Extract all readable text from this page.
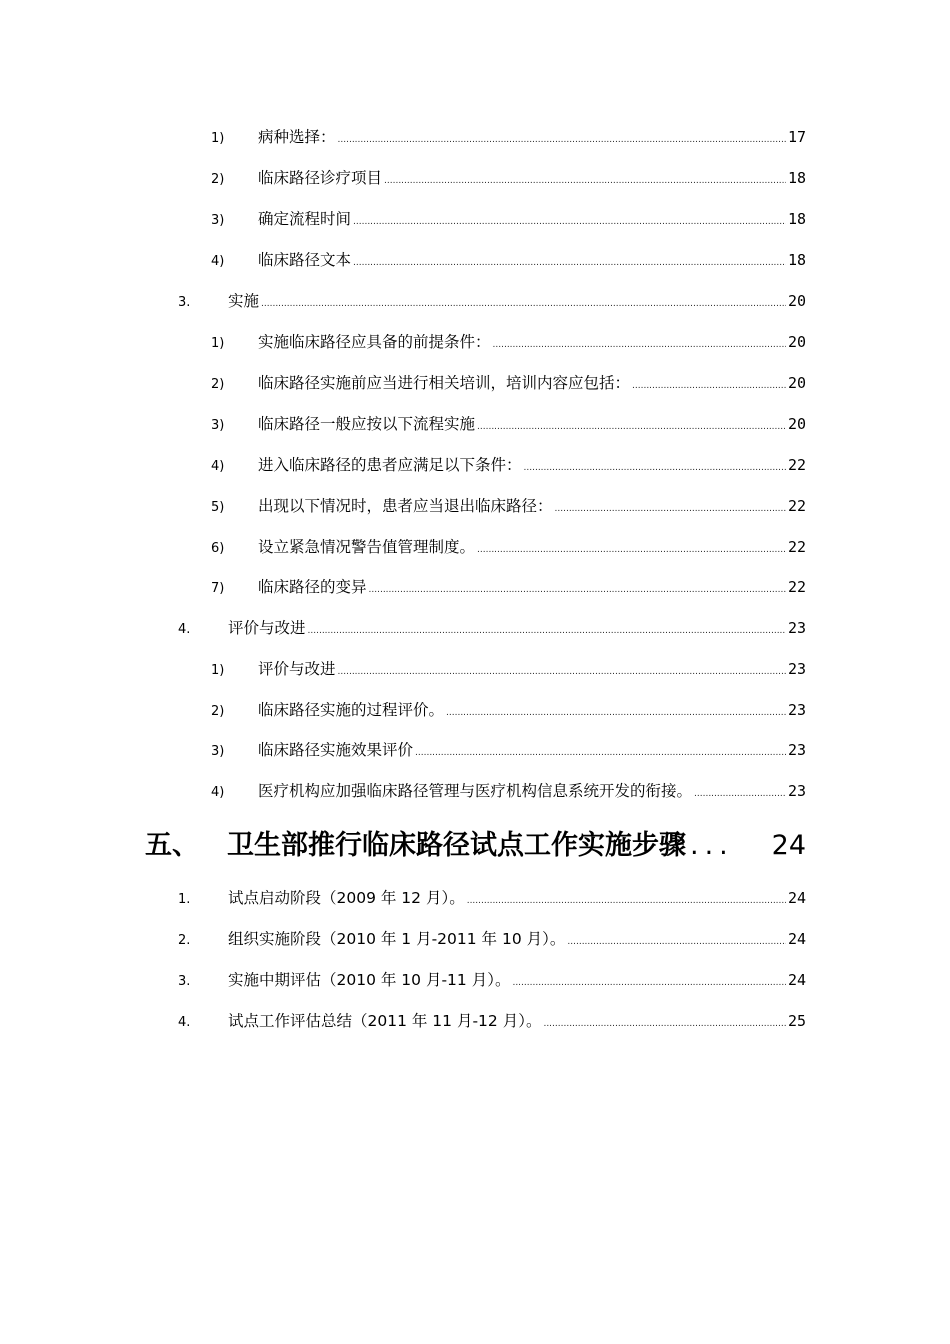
1)	病种选择： .....	17
2)	临床路径诊疗项目 .....	18
3)	确定流程时间 .....	18
4)	临床路径文本 .....	18
3.	实施 .....	20
1)	实施临床路径应具备的前提条件： .....	20
2)	临床路径实施前应当进行相关培训，培训内容应包括： .....	20
3)	临床路径一般应按以下流程实施 .....	20
4)	进入临床路径的患者应满足以下条件： .....	22
5)	出现以下情况时，患者应当退出临床路径： .....	22
6)	设立紧急情况警告值管理制度。 .....	22
7)	临床路径的变异 .....	22
4.	评价与改进 .....	23
1)	评价与改进 .....	23
2)	临床路径实施的过程评价。 .....	23
3)	临床路径实施效果评价 .....	23
4)	医疗机构应加强临床路径管理与医疗机构信息系统开发的衔接。 .....	23
五、	卫生部推行临床路径试点工作实施步骤 ...	24
1.	试点启动阶段（2009 年 12 月）。 .....	24
2.	组织实施阶段（2010 年 1 月-2011 年 10 月）。 .....	24
3.	实施中期评估（2010 年 10 月-11 月）。 .....	24
4.	试点工作评估总结（2011 年 11 月-12 月）。 .....	25
